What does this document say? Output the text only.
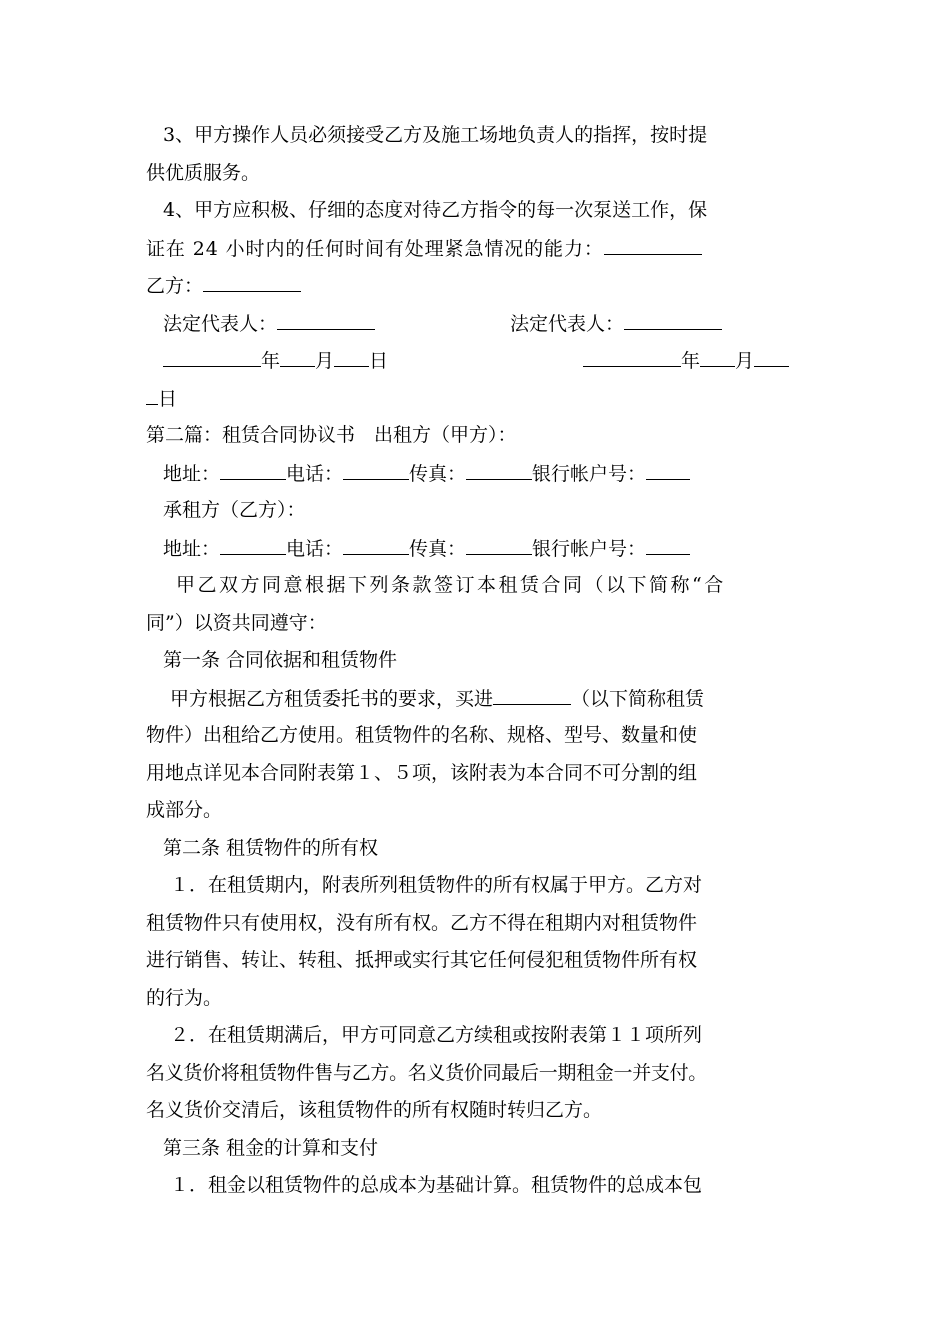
3、甲方操作人员必须接受乙方及施工场地负责人的指挥，按时提
供优质服务。
4、甲方应积极、仔细的态度对待乙方指令的每一次泵送工作，保
证在 24 小时内的任何时间有处理紧急情况的能力：
乙方：
法定代表人：	法定代表人：
年 月 日	年 月
日
第二篇：租赁合同协议书　出租方（甲方）：
地址：	电话：	传真：	银行帐户号：
承租方（乙方）：
地址：	电话：	传真：	银行帐户号：
甲乙双方同意根据下列条款签订本租赁合同（以下简称“合
同”）以资共同遵守：
第一条 合同依据和租赁物件
甲方根据乙方租赁委托书的要求，买进	（以下简称租赁
物件）出租给乙方使用。租赁物件的名称、规格、型号、数量和使
用地点详见本合同附表第１、５项，该附表为本合同不可分割的组
成部分。
第二条 租赁物件的所有权
１．在租赁期内，附表所列租赁物件的所有权属于甲方。乙方对
租赁物件只有使用权，没有所有权。乙方不得在租期内对租赁物件
进行销售、转让、转租、抵押或实行其它任何侵犯租赁物件所有权
的行为。
２．在租赁期满后，甲方可同意乙方续租或按附表第１１项所列
名义货价将租赁物件售与乙方。名义货价同最后一期租金一并支付。
名义货价交清后，该租赁物件的所有权随时转归乙方。
第三条 租金的计算和支付
１．租金以租赁物件的总成本为基础计算。租赁物件的总成本包
